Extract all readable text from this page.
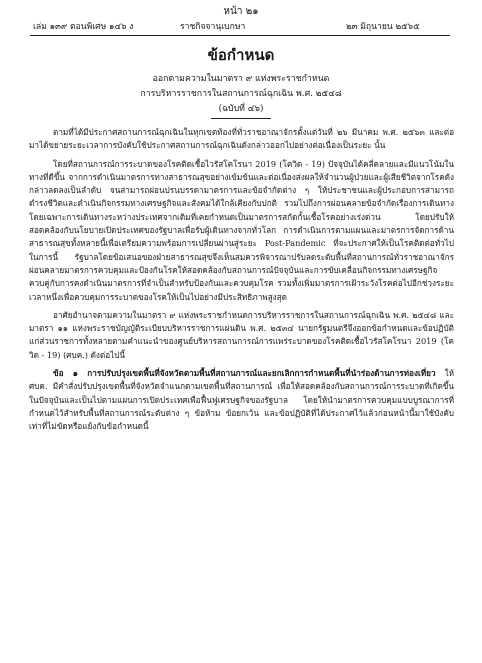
หน้า ๒๑
เล่ม ๑๓๙ ตอนพิเศษ ๑๔๖ ง	ราชกิจจานุเบกษา	๒๓ มิถุนายน ๒๕๖๕
ข้อกำหนด
ออกตามความในมาตรา ๙ แห่งพระราชกำหนด
การบริหารราชการในสถานการณ์ฉุกเฉิน พ.ศ. ๒๕๔๘
(ฉบับที่ ๔๖)

ตามที่ได้มีประกาศสถานการณ์ฉุกเฉินในทุกเขตท้องที่ทั่วราชอาณาจักรตั้งแต่วันที่ ๒๖ มีนาคม พ.ศ. ๒๕๖๓ และต่อมาได้ขยายระยะเวลาการบังคับใช้ประกาศสถานการณ์ฉุกเฉินดังกล่าวออกไปอย่างต่อเนื่องเป็นระยะ นั้น

โดยที่สถานการณ์การระบาดของโรคติดเชื้อไวรัสโคโรนา 2019 (โควิด - 19) ปัจจุบันได้คลี่คลายและมีแนวโน้มในทางที่ดีขึ้น จากการดำเนินมาตรการทางสาธารณสุขอย่างเข้มข้นและต่อเนื่องส่งผลให้จำนวนผู้ป่วยและผู้เสียชีวิตจากโรคดังกล่าวลดลงเป็นลำดับ จนสามารถผ่อนปรนบรรดามาตรการและข้อจำกัดต่าง ๆ ให้ประชาชนและผู้ประกอบการสามารถดำรงชีวิตและดำเนินกิจกรรมทางเศรษฐกิจและสังคมได้ใกล้เคียงกับปกติ รวมไปถึงการผ่อนคลายข้อจำกัดเรื่องการเดินทางโดยเฉพาะการเดินทางระหว่างประเทศจากเดิมที่เคยกำหนดเป็นมาตรการสกัดกั้นเชื้อโรคอย่างเร่งด่วน โดยปรับให้สอดคล้องกับนโยบายเปิดประเทศของรัฐบาลเพื่อรับผู้เดินทางจากทั่วโลก การดำเนินการตามแผนและมาตรการจัดการด้านสาธารณสุขทั้งหลายนี้เพื่อเตรียมความพร้อมการเปลี่ยนผ่านสู่ระยะ Post-Pandemic ที่จะประกาศให้เป็นโรคติดต่อทั่วไป ในการนี้ รัฐบาลโดยข้อเสนอของฝ่ายสาธารณสุขจึงเห็นสมควรพิจารณาปรับลดระดับพื้นที่สถานการณ์ทั่วราชอาณาจักร ผ่อนคลายมาตรการควบคุมและป้องกันโรคให้สอดคล้องกับสถานการณ์ปัจจุบันและการขับเคลื่อนกิจกรรมทางเศรษฐกิจควบคู่กับการคงดำเนินมาตรการที่จำเป็นสำหรับป้องกันและควบคุมโรค รวมทั้งเพิ่มมาตรการเฝ้าระวังโรคต่อไปอีกช่วงระยะเวลาหนึ่งเพื่อควบคุมการระบาดของโรคให้เป็นไปอย่างมีประสิทธิภาพสูงสุด

อาศัยอำนาจตามความในมาตรา ๙ แห่งพระราชกำหนดการบริหารราชการในสถานการณ์ฉุกเฉิน พ.ศ. ๒๕๔๘ และมาตรา ๑๑ แห่งพระราชบัญญัติระเบียบบริหารราชการแผ่นดิน พ.ศ. ๒๕๓๔ นายกรัฐมนตรีจึงออกข้อกำหนดและข้อปฏิบัติแก่ส่วนราชการทั้งหลายตามคำแนะนำของศูนย์บริหารสถานการณ์การแพร่ระบาดของโรคติดเชื้อไวรัสโคโรนา 2019 (โควิด - 19) (ศบค.) ดังต่อไปนี้

ข้อ ๑ การปรับปรุงเขตพื้นที่จังหวัดตามพื้นที่สถานการณ์และยกเลิกการกำหนดพื้นที่นำร่องด้านการท่องเที่ยว ให้ ศบค. มีคำสั่งปรับปรุงเขตพื้นที่จังหวัดจำแนกตามเขตพื้นที่สถานการณ์ เพื่อให้สอดคล้องกับสถานการณ์การระบาดที่เกิดขึ้นในปัจจุบันและเป็นไปตามแผนการเปิดประเทศเพื่อฟื้นฟูเศรษฐกิจของรัฐบาล โดยให้นำมาตรการควบคุมแบบบูรณาการที่กำหนดไว้สำหรับพื้นที่สถานการณ์ระดับต่าง ๆ ข้อห้าม ข้อยกเว้น และข้อปฏิบัติที่ได้ประกาศไว้แล้วก่อนหน้านี้มาใช้บังคับเท่าที่ไม่ขัดหรือแย้งกับข้อกำหนดนี้
